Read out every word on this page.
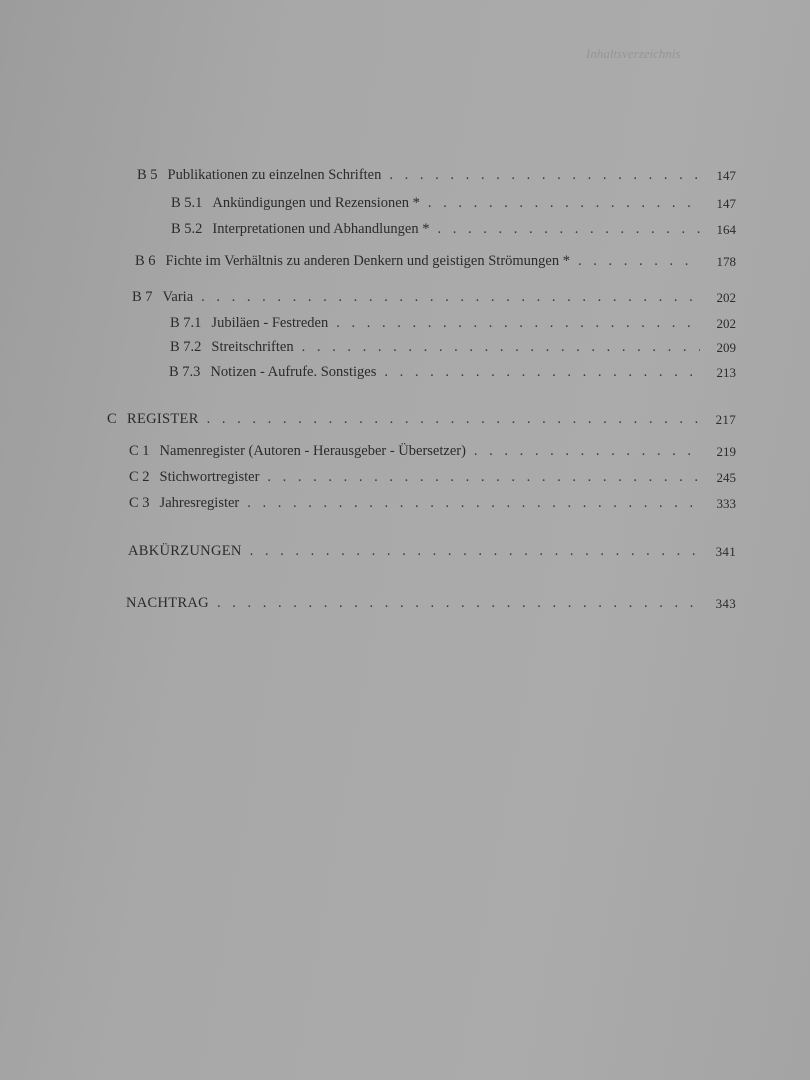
Inhaltsverzeichnis
B 5 Publikationen zu einzelnen Schriften . . .	147
B 5.1 Ankündigungen und Rezensionen * . . .	147
B 5.2 Interpretationen und Abhandlungen * . . .	164
B 6 Fichte im Verhältnis zu anderen Denkern und geistigen Strömungen * . . .	178
B 7 Varia . . .	202
B 7.1 Jubiläen - Festreden . . .	202
B 7.2 Streitschriften . . .	209
B 7.3 Notizen - Aufrufe. Sonstiges . . .	213
C REGISTER . . .	217
C 1 Namenregister (Autoren - Herausgeber - Übersetzer) . . .	219
C 2 Stichwortregister . . .	245
C 3 Jahresregister . . .	333
ABKÜRZUNGEN . . .	341
NACHTRAG . . .	343
